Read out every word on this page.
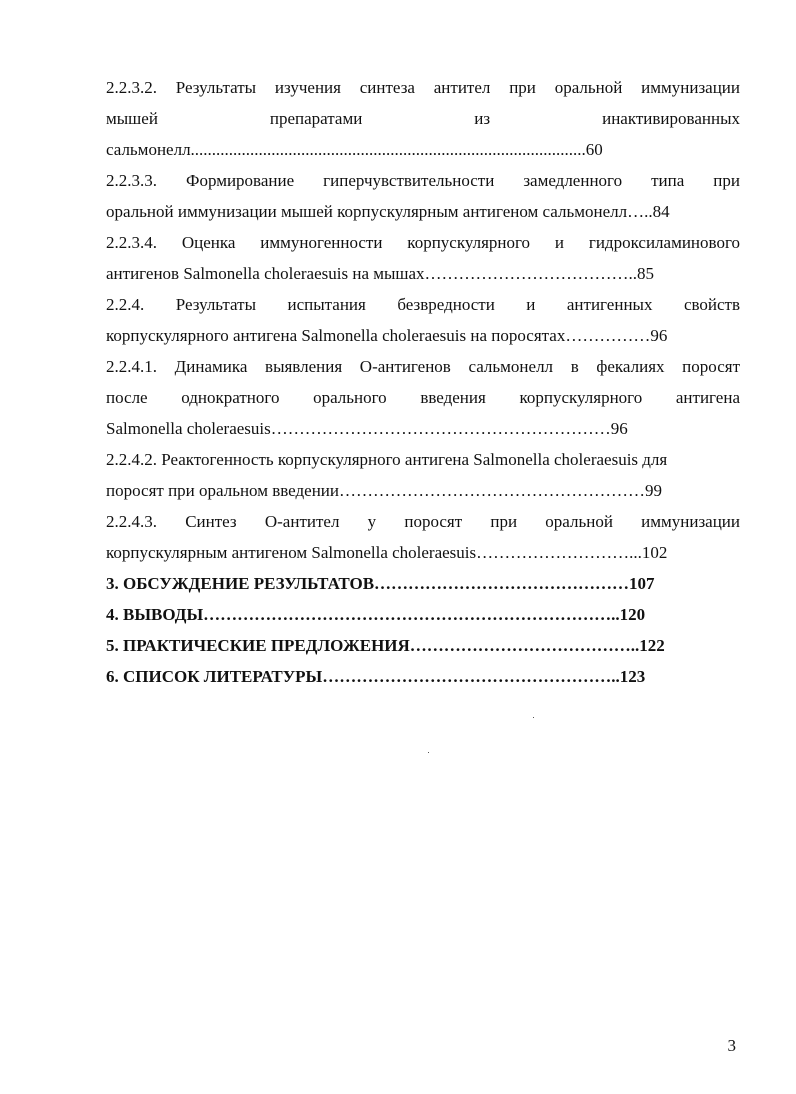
2.2.3.2. Результаты изучения синтеза антител при оральной иммунизации
мышей препаратами из инактивированных
сальмонелл.............................................................................................60
2.2.3.3. Формирование гиперчувствительности замедленного типа при
оральной иммунизации мышей корпускулярным антигеном сальмонелл…..84
2.2.3.4. Оценка иммуногенности корпускулярного и гидроксиламинового
антигенов Salmonella choleraesuis на мышах………………………………..85
2.2.4. Результаты испытания безвредности и антигенных свойств
корпускулярного антигена Salmonella choleraesuis на поросятах……………96
2.2.4.1. Динамика выявления О-антигенов сальмонелл в фекалиях поросят
после однократного орального введения корпускулярного антигена
Salmonella choleraesuis……………………………………………………96
2.2.4.2. Реактогенность корпускулярного антигена Salmonella choleraesuis для
поросят при оральном введении………………………………………………99
2.2.4.3. Синтез О-антител у поросят при оральной иммунизации
корпускулярным антигеном Salmonella choleraesuis………………………...102
3. ОБСУЖДЕНИЕ РЕЗУЛЬТАТОВ………………………………………107
4. ВЫВОДЫ………………………………………………………………..120
5. ПРАКТИЧЕСКИЕ ПРЕДЛОЖЕНИЯ…………………………………..122
6. СПИСОК ЛИТЕРАТУРЫ……………………………………………..123
3
